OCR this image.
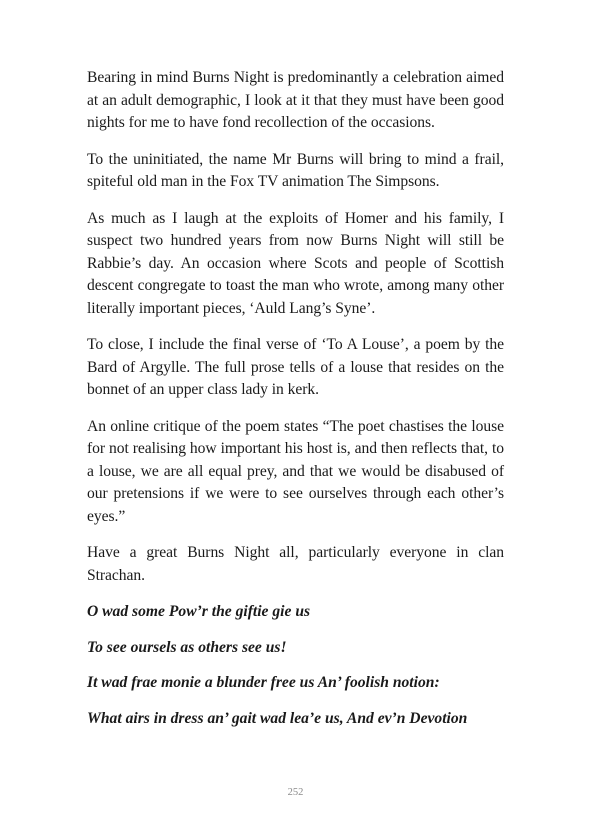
Bearing in mind Burns Night is predominantly a celebration aimed at an adult demographic, I look at it that they must have been good nights for me to have fond recollection of the occasions.

To the uninitiated, the name Mr Burns will bring to mind a frail, spiteful old man in the Fox TV animation The Simpsons.

As much as I laugh at the exploits of Homer and his family, I suspect two hundred years from now Burns Night will still be Rabbie’s day. An occasion where Scots and people of Scottish descent congregate to toast the man who wrote, among many other literally important pieces, ‘Auld Lang’s Syne’.

To close, I include the final verse of ‘To A Louse’, a poem by the Bard of Argylle. The full prose tells of a louse that resides on the bonnet of an upper class lady in kerk.

An online critique of the poem states “The poet chastises the louse for not realising how important his host is, and then reflects that, to a louse, we are all equal prey, and that we would be disabused of our pretensions if we were to see ourselves through each other’s eyes.”

Have a great Burns Night all, particularly everyone in clan Strachan.

O wad some Pow’r the giftie gie us

To see oursels as others see us!

It wad frae monie a blunder free us An’ foolish notion:

What airs in dress an’ gait wad lea’e us, And ev’n Devotion

252
